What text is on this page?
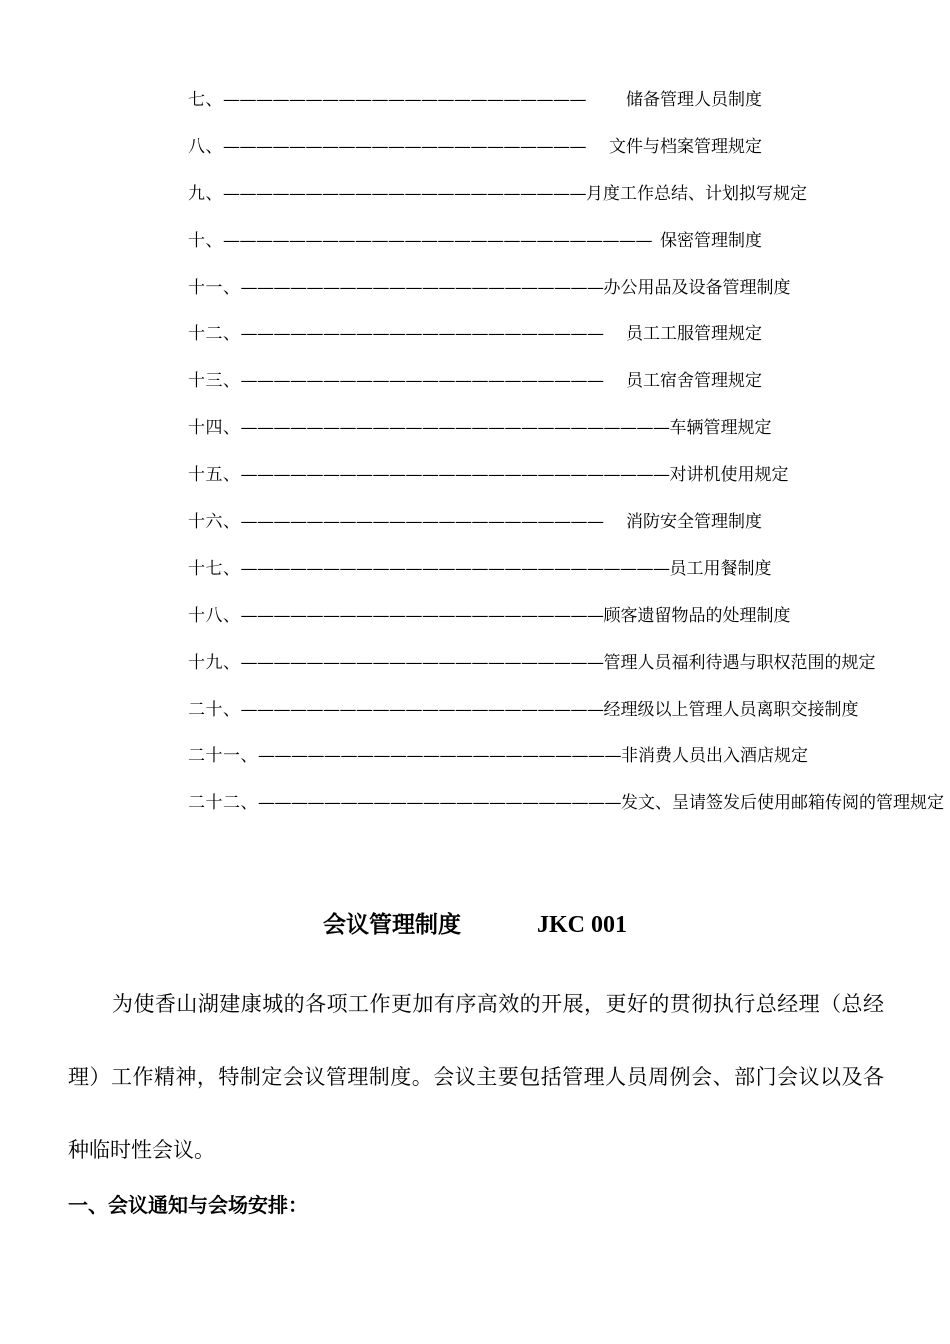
七、 ——————————————————————	储备管理人员制度
八、 ——————————————————————	文件与档案管理规定
九、 —————————————————————— 月度工作总结、计划拟写规定
十、 —————————————————————————— 保密管理制度
十一、 —————————————————————— 办公用品及设备管理制度
十二、 ——————————————————————	员工工服管理规定
十三、 ——————————————————————	员工宿舍管理规定
十四、 —————————————————————————— 车辆管理规定
十五、 —————————————————————————— 对讲机使用规定
十六、 ——————————————————————	消防安全管理制度
十七、 —————————————————————————— 员工用餐制度
十八、 —————————————————————— 顾客遗留物品的处理制度
十九、 —————————————————————— 管理人员福利待遇与职权范围的规定
二十、 —————————————————————— 经理级以上管理人员离职交接制度
二十一、 —————————————————————— 非消费人员出入酒店规定
二十二、 —————————————————————— 发文、呈请签发后使用邮箱传阅的管理规定
会议管理制度	JKC 001
为使香山湖建康城的各项工作更加有序高效的开展，更好的贯彻执行总经理（总经理）工作精神，特制定会议管理制度。会议主要包括管理人员周例会、部门会议以及各种临时性会议。
一、会议通知与会场安排：
